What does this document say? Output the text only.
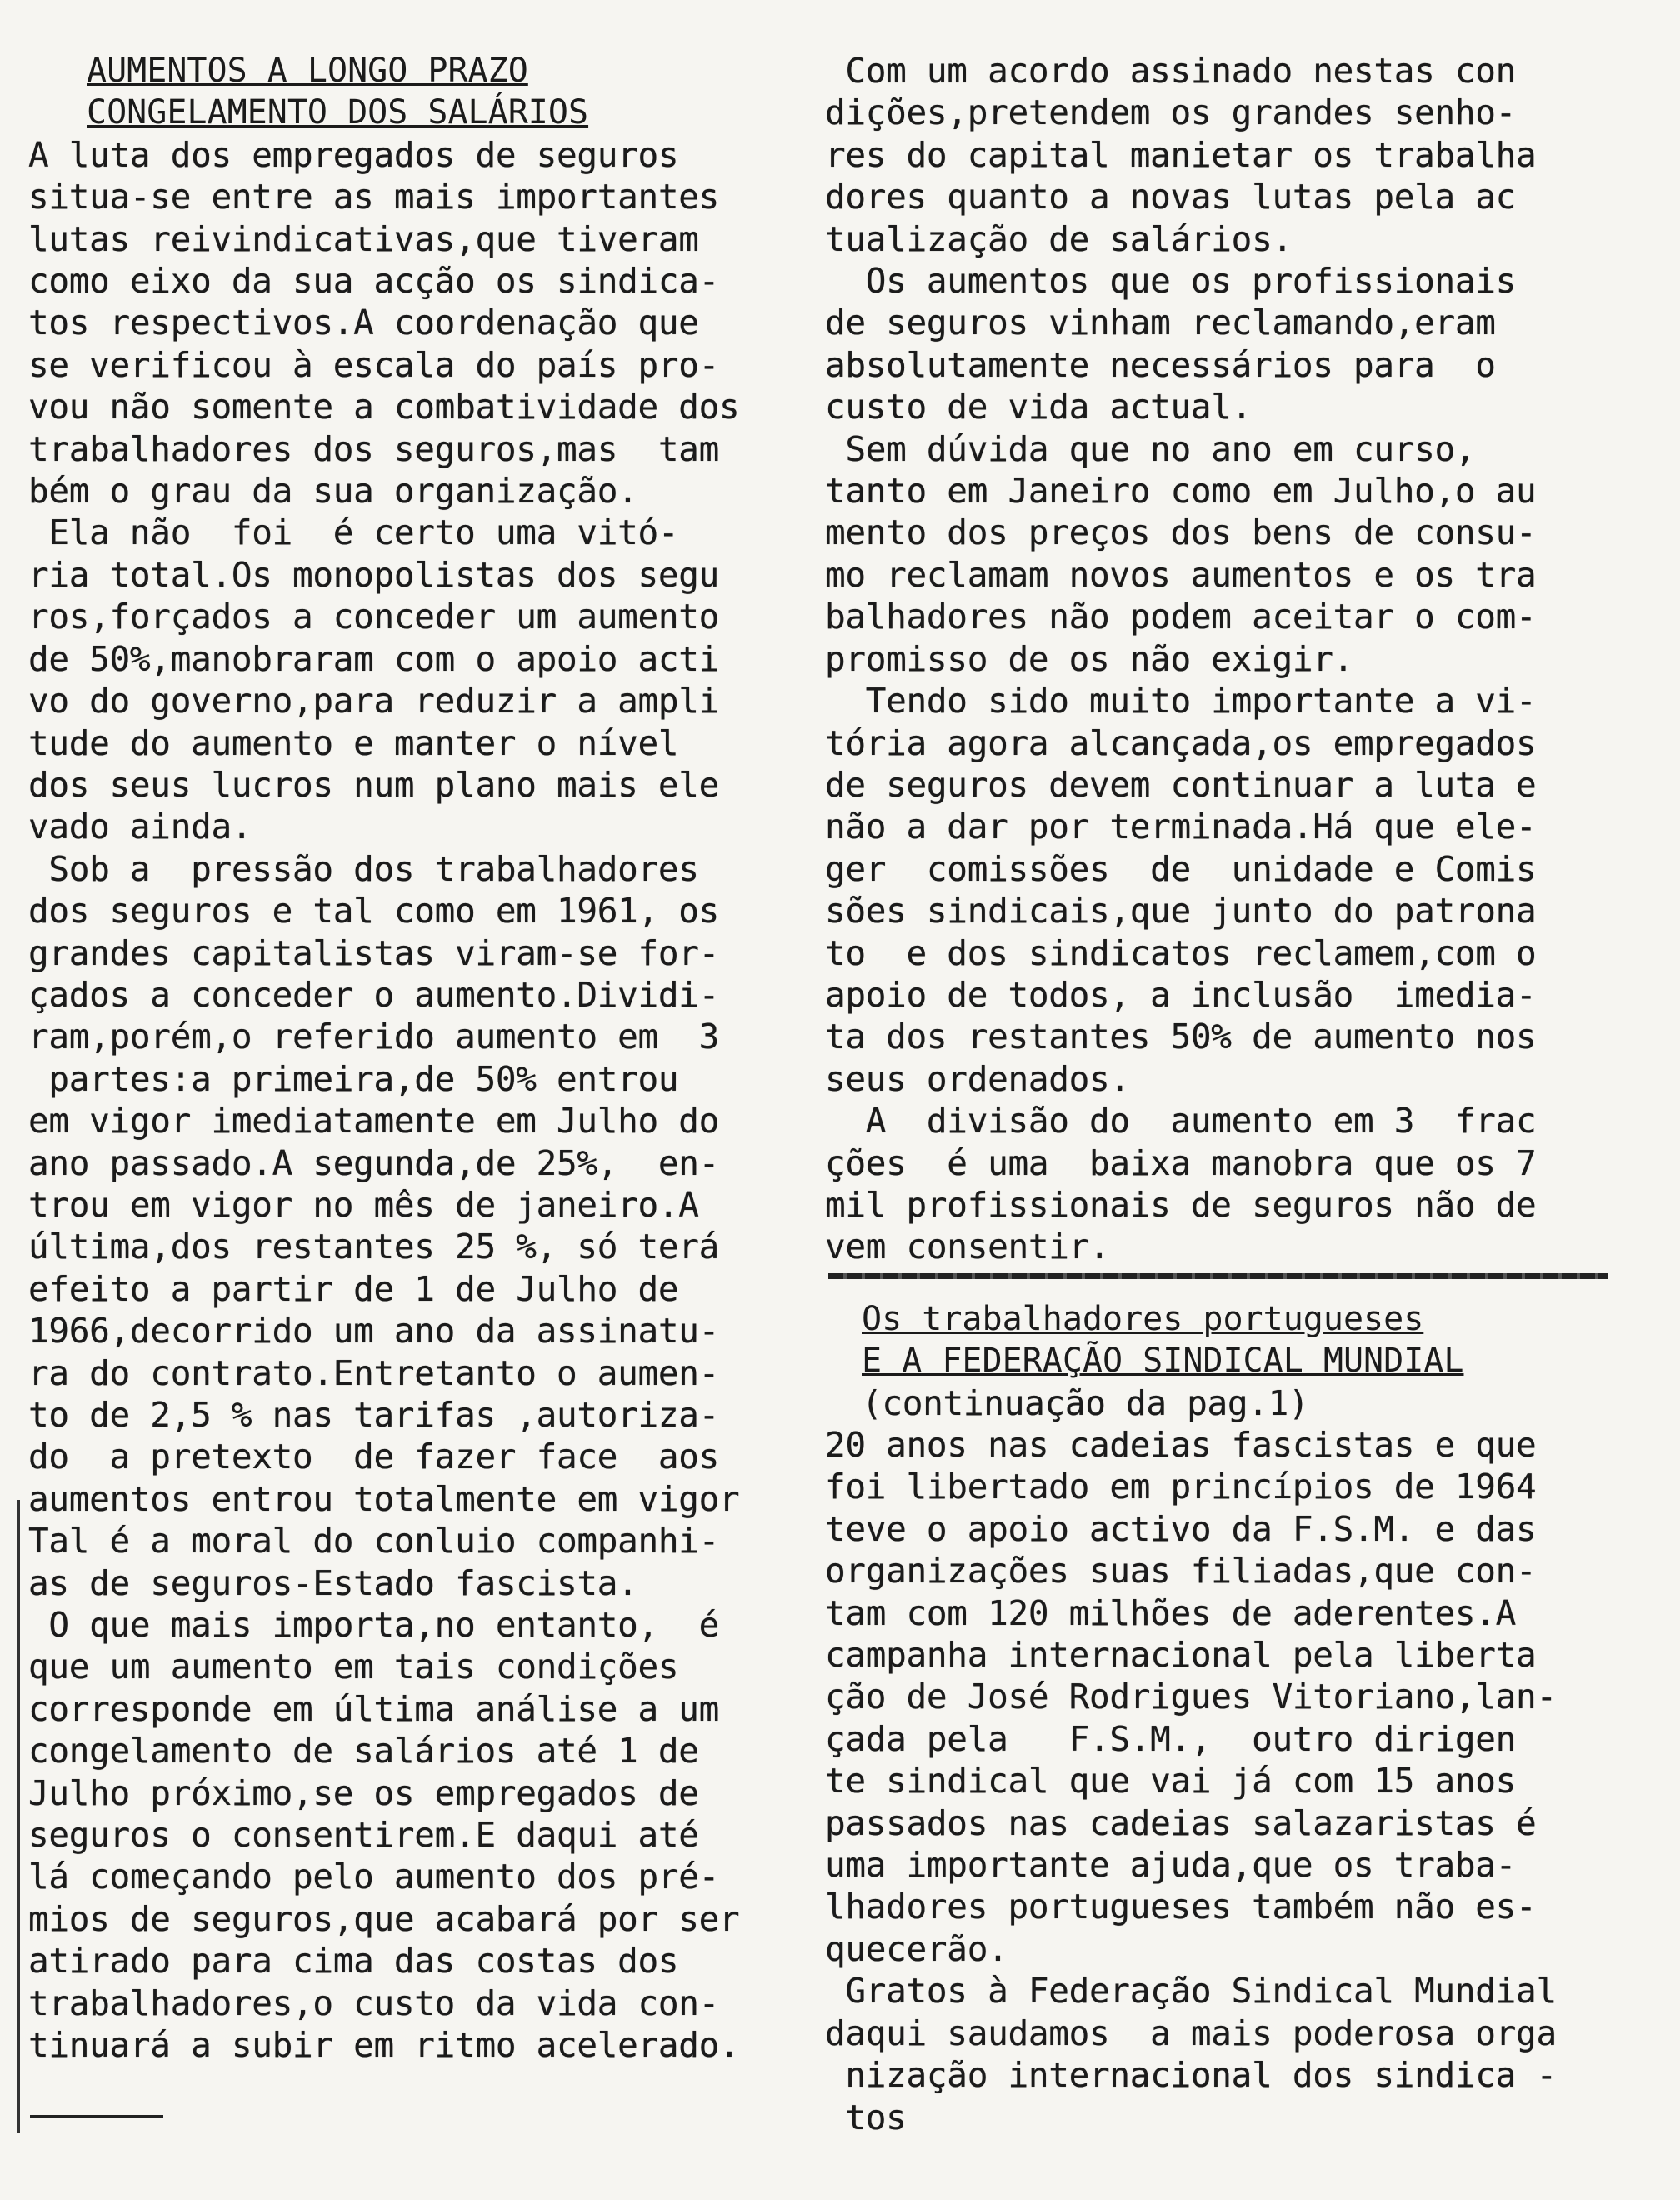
AUMENTOS A LONGO PRAZO
CONGELAMENTO DOS SALÁRIOS
A luta dos empregados de seguros
situa-se entre as mais importantes
lutas reivindicativas,que tiveram
como eixo da sua acção os sindica-
tos respectivos.A coordenação que
se verificou à escala do país pro-
vou não somente a combatividade dos
trabalhadores dos seguros,mas  tam
bém o grau da sua organização.
Ela não  foi  é certo uma vitó-
ria total.Os monopolistas dos segu
ros,forçados a conceder um aumento
de 50%,manobraram com o apoio acti
vo do governo,para reduzir a ampli
tude do aumento e manter o nível
dos seus lucros num plano mais ele
vado ainda.
Sob a  pressão dos trabalhadores
dos seguros e tal como em 1961, os
grandes capitalistas viram-se for-
çados a conceder o aumento.Dividi-
ram,porém,o referido aumento em  3
partes:a primeira,de 50% entrou
em vigor imediatamente em Julho do
ano passado.A segunda,de 25%,  en-
trou em vigor no mês de janeiro.A
última,dos restantes 25 %, só terá
efeito a partir de 1 de Julho de
1966,decorrido um ano da assinatu-
ra do contrato.Entretanto o aumen-
to de 2,5 % nas tarifas ,autoriza-
do  a pretexto  de fazer face  aos
aumentos entrou totalmente em vigor
Tal é a moral do conluio companhi-
as de seguros-Estado fascista.
O que mais importa,no entanto,  é
que um aumento em tais condições
corresponde em última análise a um
congelamento de salários até 1 de
Julho próximo,se os empregados de
seguros o consentirem.E daqui até
lá começando pelo aumento dos pré-
mios de seguros,que acabará por ser
atirado para cima das costas dos
trabalhadores,o custo da vida con-
tinuará a subir em ritmo acelerado.
Com um acordo assinado nestas con
dições,pretendem os grandes senho-
res do capital manietar os trabalha
dores quanto a novas lutas pela ac
tualização de salários.
Os aumentos que os profissionais
de seguros vinham reclamando,eram
absolutamente necessários para  o
custo de vida actual.
Sem dúvida que no ano em curso,
tanto em Janeiro como em Julho,o au
mento dos preços dos bens de consu-
mo reclamam novos aumentos e os tra
balhadores não podem aceitar o com-
promisso de os não exigir.
Tendo sido muito importante a vi-
tória agora alcançada,os empregados
de seguros devem continuar a luta e
não a dar por terminada.Há que ele-
ger  comissões  de  unidade e Comis
sões sindicais,que junto do patrona
to  e dos sindicatos reclamem,com o
apoio de todos, a inclusão  imedia-
ta dos restantes 50% de aumento nos
seus ordenados.
A  divisão do  aumento em 3  frac
ções  é uma  baixa manobra que os 7
mil profissionais de seguros não de
vem consentir.
Os trabalhadores portugueses
E A FEDERAÇÃO SINDICAL MUNDIAL
(continuação da pag.1)
20 anos nas cadeias fascistas e que
foi libertado em princípios de 1964
teve o apoio activo da F.S.M. e das
organizações suas filiadas,que con-
tam com 120 milhões de aderentes.A
campanha internacional pela liberta
ção de José Rodrigues Vitoriano,lan-
çada pela   F.S.M.,  outro dirigen
te sindical que vai já com 15 anos
passados nas cadeias salazaristas é
uma importante ajuda,que os traba-
lhadores portugueses também não es-
quecerão.
Gratos à Federação Sindical Mundial
daqui saudamos  a mais poderosa orga
nização internacional dos sindica -
tos
